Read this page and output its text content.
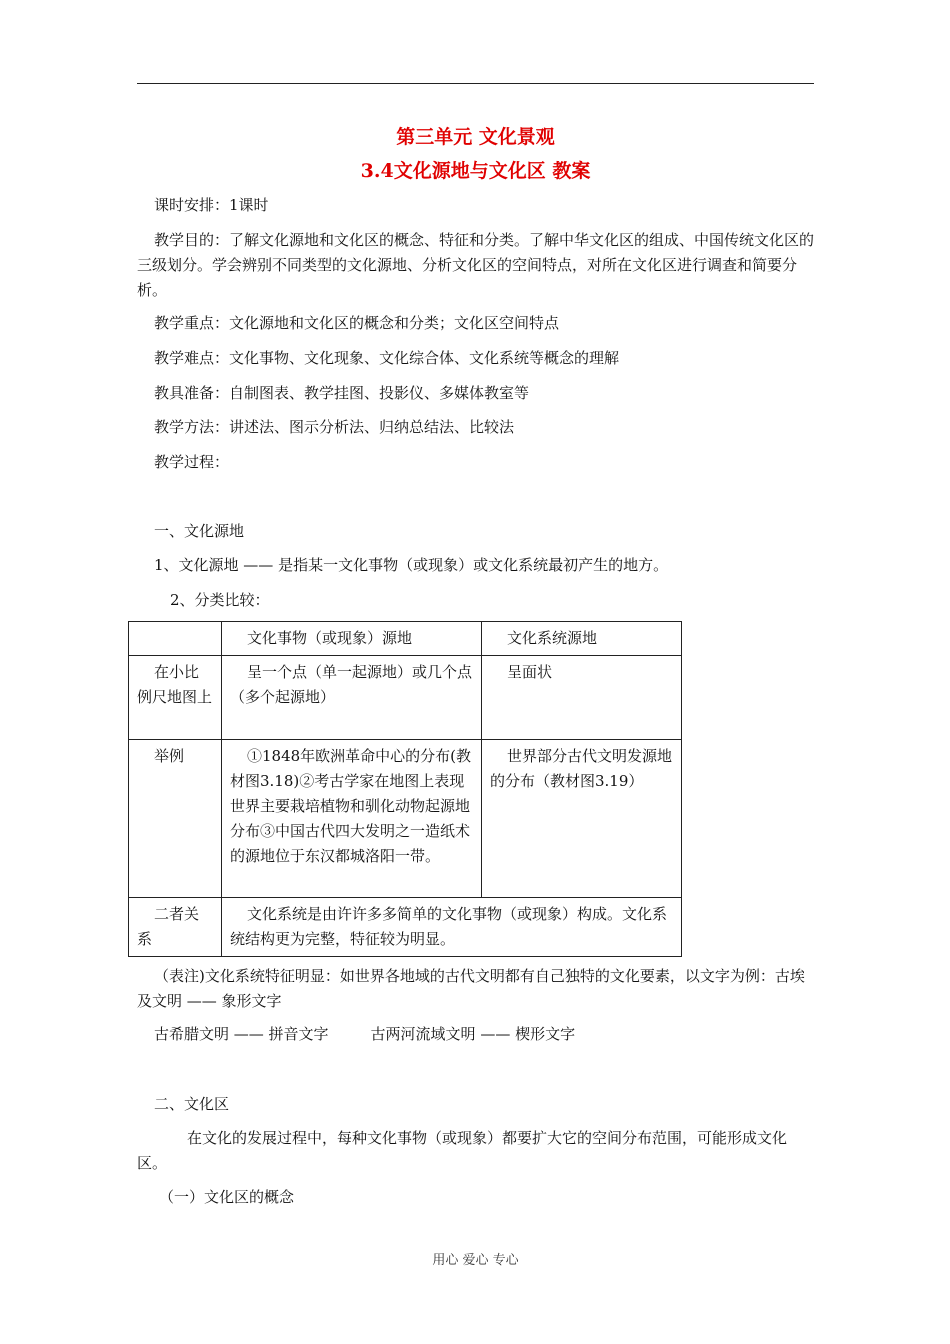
第三单元 文化景观
3.4文化源地与文化区 教案

课时安排：1课时

教学目的：了解文化源地和文化区的概念、特征和分类。了解中华文化区的组成、中国传统文化区的三级划分。学会辨别不同类型的文化源地、分析文化区的空间特点，对所在文化区进行调查和简要分析。

教学重点：文化源地和文化区的概念和分类；文化区空间特点

教学难点：文化事物、文化现象、文化综合体、文化系统等概念的理解

教具准备：自制图表、教学挂图、投影仪、多媒体教室等

教学方法：讲述法、图示分析法、归纳总结法、比较法

教学过程：

一、文化源地

1、文化源地 —— 是指某一文化事物（或现象）或文化系统最初产生的地方。

2、分类比较：

	文化事物（或现象）源地	文化系统源地

在小比例尺地图上	呈一个点（单一起源地）或几个点（多个起源地）	呈面状

举例	①1848年欧洲革命中心的分布(教材图3.18)②考古学家在地图上表现世界主要栽培植物和驯化动物起源地分布③中国古代四大发明之一造纸术的源地位于东汉都城洛阳一带。	世界部分古代文明发源地的分布（教材图3.19）

二者关系	文化系统是由许许多多简单的文化事物（或现象）构成。文化系统结构更为完整，特征较为明显。	

（表注)文化系统特征明显：如世界各地域的古代文明都有自己独特的文化要素，以文字为例：古埃及文明 —— 象形文字

古希腊文明 —— 拼音文字	古两河流域文明 —— 楔形文字

二、文化区

在文化的发展过程中，每种文化事物（或现象）都要扩大它的空间分布范围，可能形成文化区。

（一）文化区的概念

用心 爱心 专心
